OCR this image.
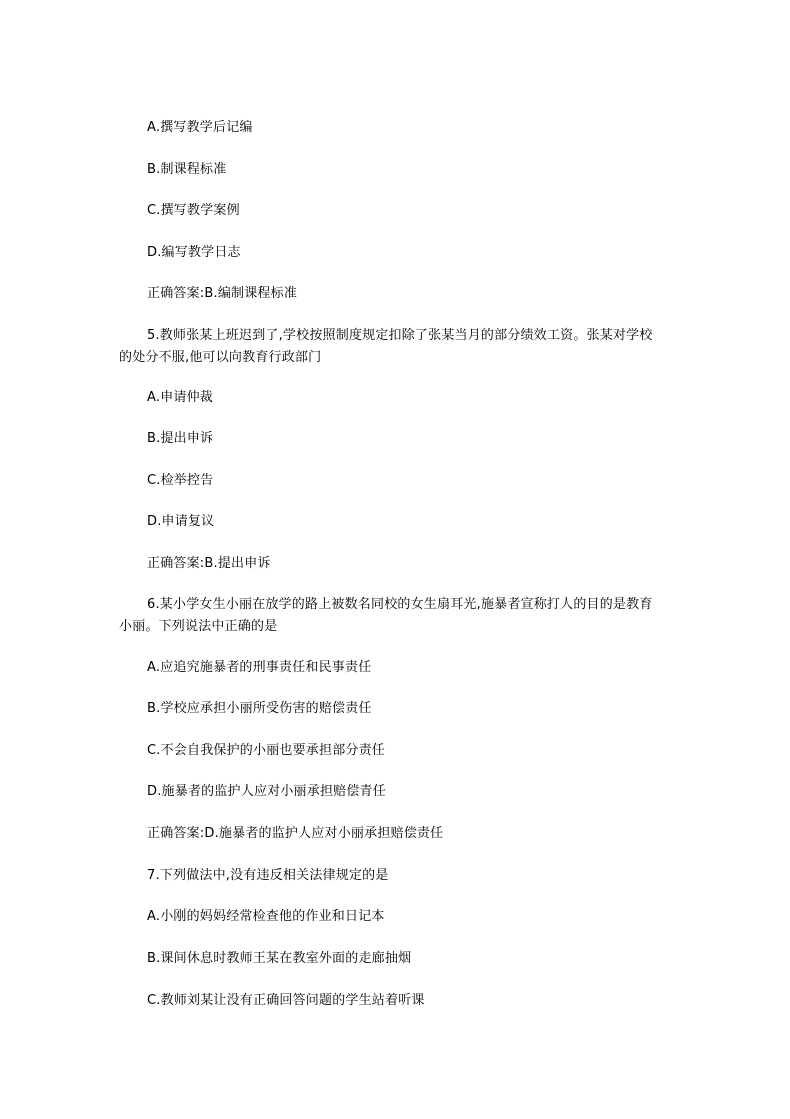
A.撰写教学后记编
B.制课程标准
C.撰写教学案例
D.编写教学日志
正确答案:B.编制课程标准
5.教师张某上班迟到了,学校按照制度规定扣除了张某当月的部分绩效工资。张某对学校的处分不服,他可以向教育行政部门
A.申请仲裁
B.提出申诉
C.检举控告
D.申请复议
正确答案:B.提出申诉
6.某小学女生小丽在放学的路上被数名同校的女生扇耳光,施暴者宣称打人的目的是教育小丽。下列说法中正确的是
A.应追究施暴者的刑事责任和民事责任
B.学校应承担小丽所受伤害的赔偿责任
C.不会自我保护的小丽也要承担部分责任
D.施暴者的监护人应对小丽承担赔偿青任
正确答案:D.施暴者的监护人应对小丽承担赔偿责任
7.下列做法中,没有违反相关法律规定的是
A.小刚的妈妈经常检查他的作业和日记本
B.课间休息时教师王某在教室外面的走廊抽烟
C.教师刘某让没有正确回答问题的学生站着听课
